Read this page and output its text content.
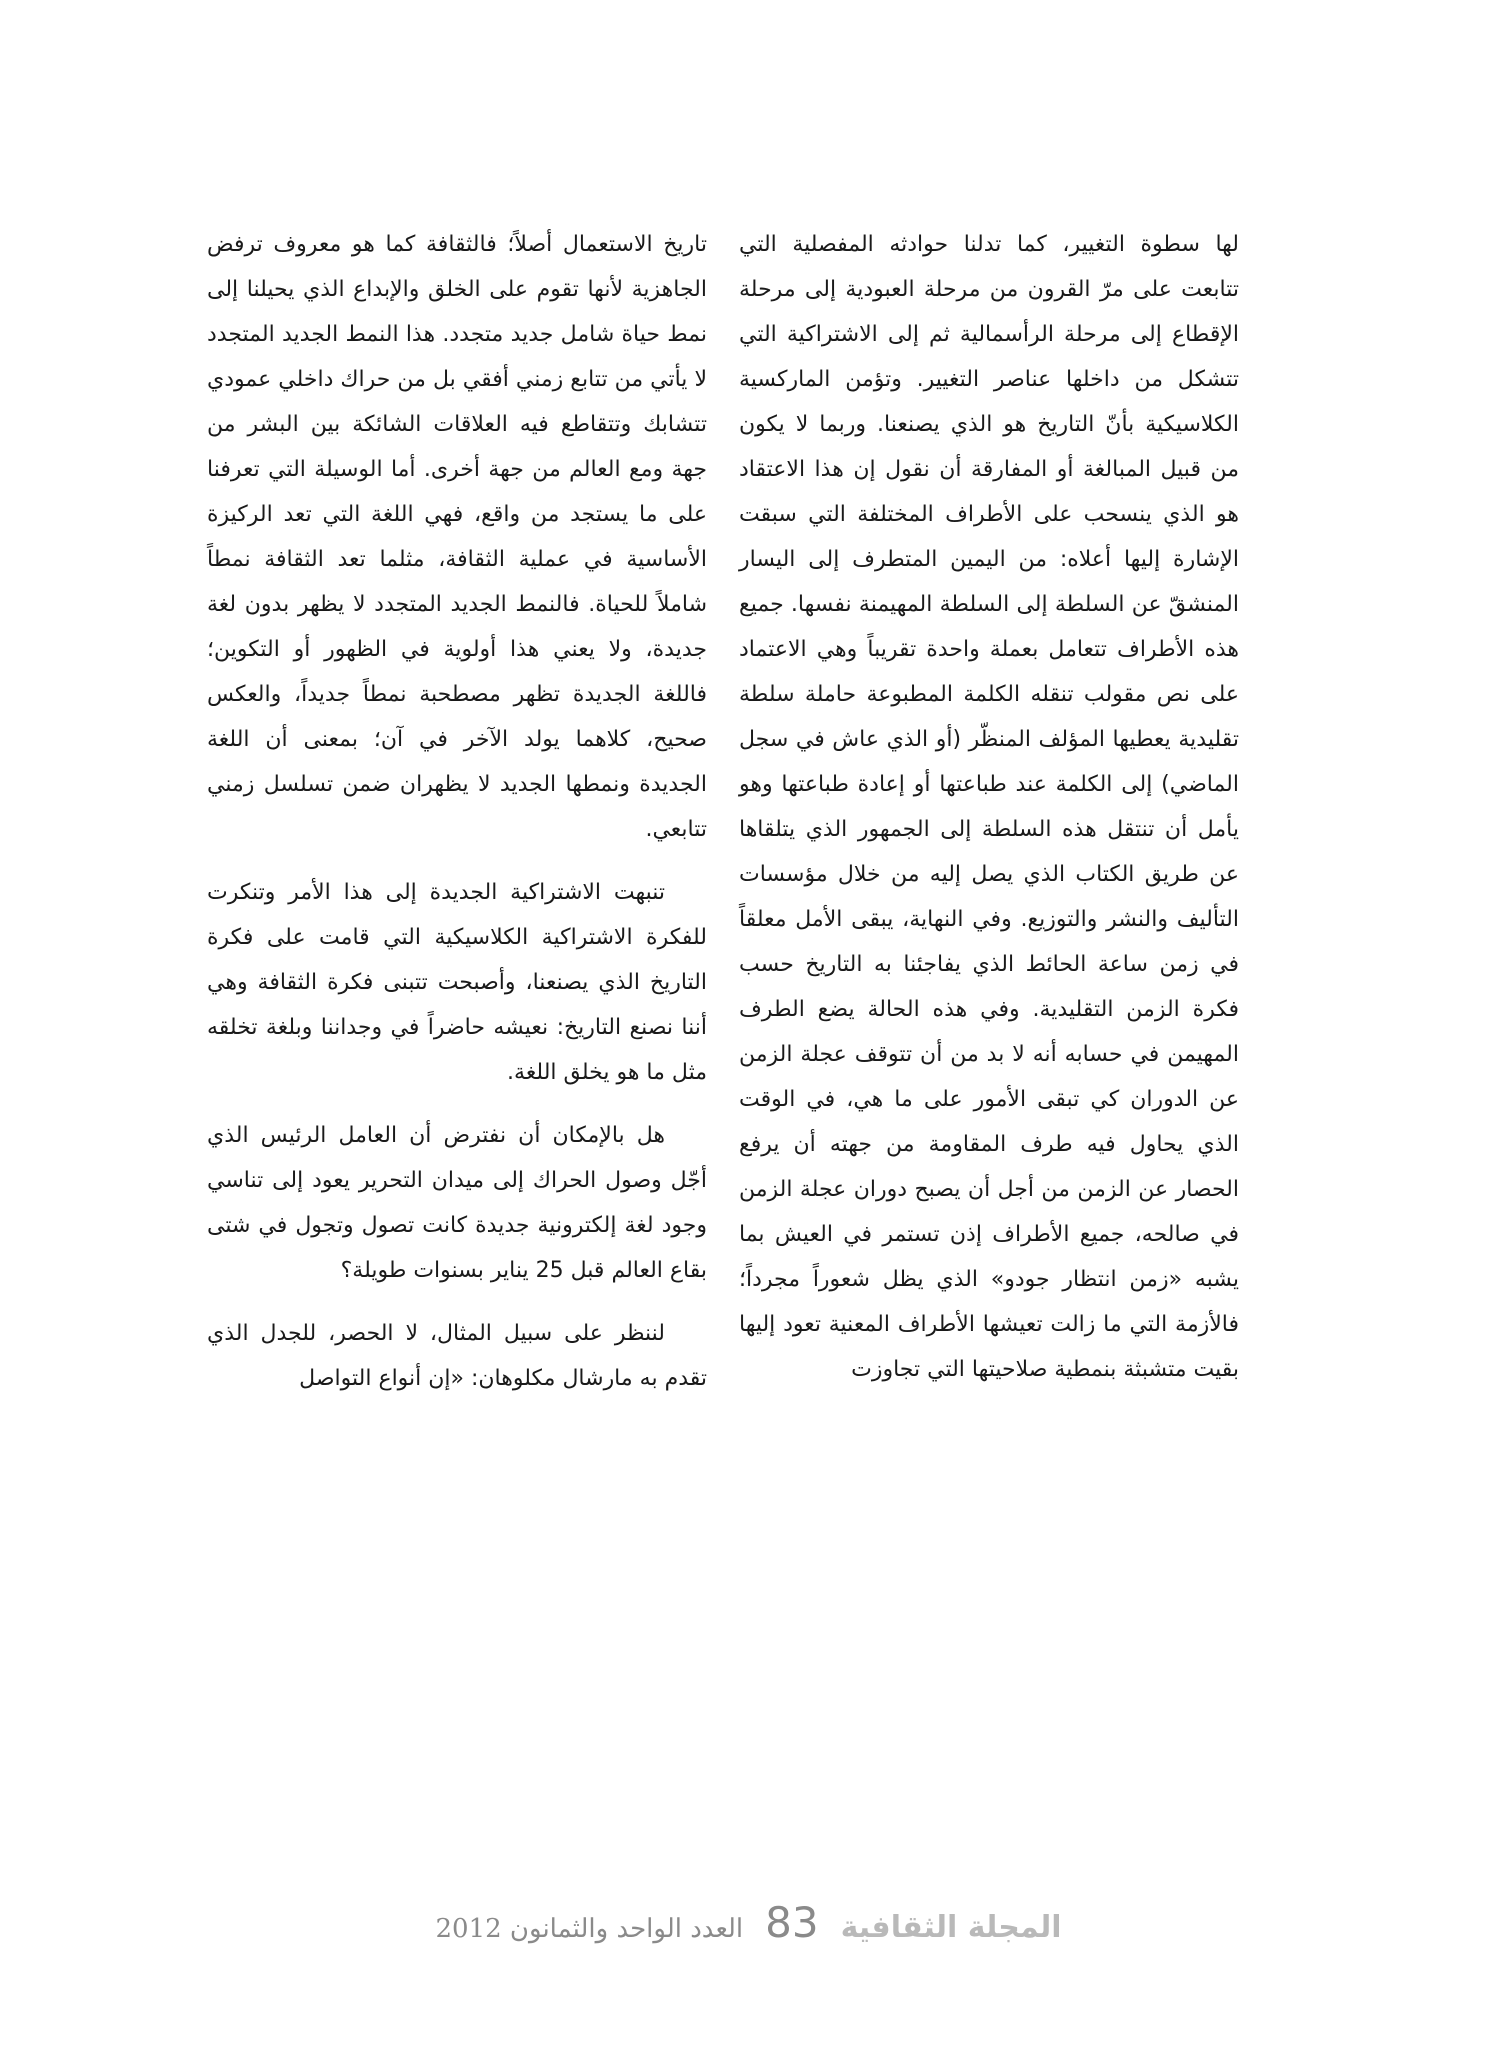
لها سطوة التغيير، كما تدلنا حوادثه المفصلية التي تتابعت على مرّ القرون من مرحلة العبودية إلى مرحلة الإقطاع إلى مرحلة الرأسمالية ثم إلى الاشتراكية التي تتشكل من داخلها عناصر التغيير. وتؤمن الماركسية الكلاسيكية بأنّ التاريخ هو الذي يصنعنا. وربما لا يكون من قبيل المبالغة أو المفارقة أن نقول إن هذا الاعتقاد هو الذي ينسحب على الأطراف المختلفة التي سبقت الإشارة إليها أعلاه: من اليمين المتطرف إلى اليسار المنشقّ عن السلطة إلى السلطة المهيمنة نفسها. جميع هذه الأطراف تتعامل بعملة واحدة تقريباً وهي الاعتماد على نص مقولب تنقله الكلمة المطبوعة حاملة سلطة تقليدية يعطيها المؤلف المنظّر (أو الذي عاش في سجل الماضي) إلى الكلمة عند طباعتها أو إعادة طباعتها وهو يأمل أن تنتقل هذه السلطة إلى الجمهور الذي يتلقاها عن طريق الكتاب الذي يصل إليه من خلال مؤسسات التأليف والنشر والتوزيع. وفي النهاية، يبقى الأمل معلقاً في زمن ساعة الحائط الذي يفاجئنا به التاريخ حسب فكرة الزمن التقليدية. وفي هذه الحالة يضع الطرف المهيمن في حسابه أنه لا بد من أن تتوقف عجلة الزمن عن الدوران كي تبقى الأمور على ما هي، في الوقت الذي يحاول فيه طرف المقاومة من جهته أن يرفع الحصار عن الزمن من أجل أن يصبح دوران عجلة الزمن في صالحه، جميع الأطراف إذن تستمر في العيش بما يشبه «زمن انتظار جودو» الذي يظل شعوراً مجرداً؛ فالأزمة التي ما زالت تعيشها الأطراف المعنية تعود إليها بقيت متشبثة بنمطية صلاحيتها التي تجاوزت

تاريخ الاستعمال أصلاً؛ فالثقافة كما هو معروف ترفض الجاهزية لأنها تقوم على الخلق والإبداع الذي يحيلنا إلى نمط حياة شامل جديد متجدد. هذا النمط الجديد المتجدد لا يأتي من تتابع زمني أفقي بل من حراك داخلي عمودي تتشابك وتتقاطع فيه العلاقات الشائكة بين البشر من جهة ومع العالم من جهة أخرى. أما الوسيلة التي تعرفنا على ما يستجد من واقع، فهي اللغة التي تعد الركيزة الأساسية في عملية الثقافة، مثلما تعد الثقافة نمطاً شاملاً للحياة. فالنمط الجديد المتجدد لا يظهر بدون لغة جديدة، ولا يعني هذا أولوية في الظهور أو التكوين؛ فاللغة الجديدة تظهر مصطحبة نمطاً جديداً، والعكس صحيح، كلاهما يولد الآخر في آن؛ بمعنى أن اللغة الجديدة ونمطها الجديد لا يظهران ضمن تسلسل زمني تتابعي.

تنبهت الاشتراكية الجديدة إلى هذا الأمر وتنكرت للفكرة الاشتراكية الكلاسيكية التي قامت على فكرة التاريخ الذي يصنعنا، وأصبحت تتبنى فكرة الثقافة وهي أننا نصنع التاريخ: نعيشه حاضراً في وجداننا وبلغة تخلقه مثل ما هو يخلق اللغة.

هل بالإمكان أن نفترض أن العامل الرئيس الذي أجّل وصول الحراك إلى ميدان التحرير يعود إلى تناسي وجود لغة إلكترونية جديدة كانت تصول وتجول في شتى بقاع العالم قبل 25 يناير بسنوات طويلة؟

لننظر على سبيل المثال، لا الحصر، للجدل الذي تقدم به مارشال مكلوهان: «إن أنواع التواصل

المجلة الثقافية
83
العدد الواحد والثمانون 2012
